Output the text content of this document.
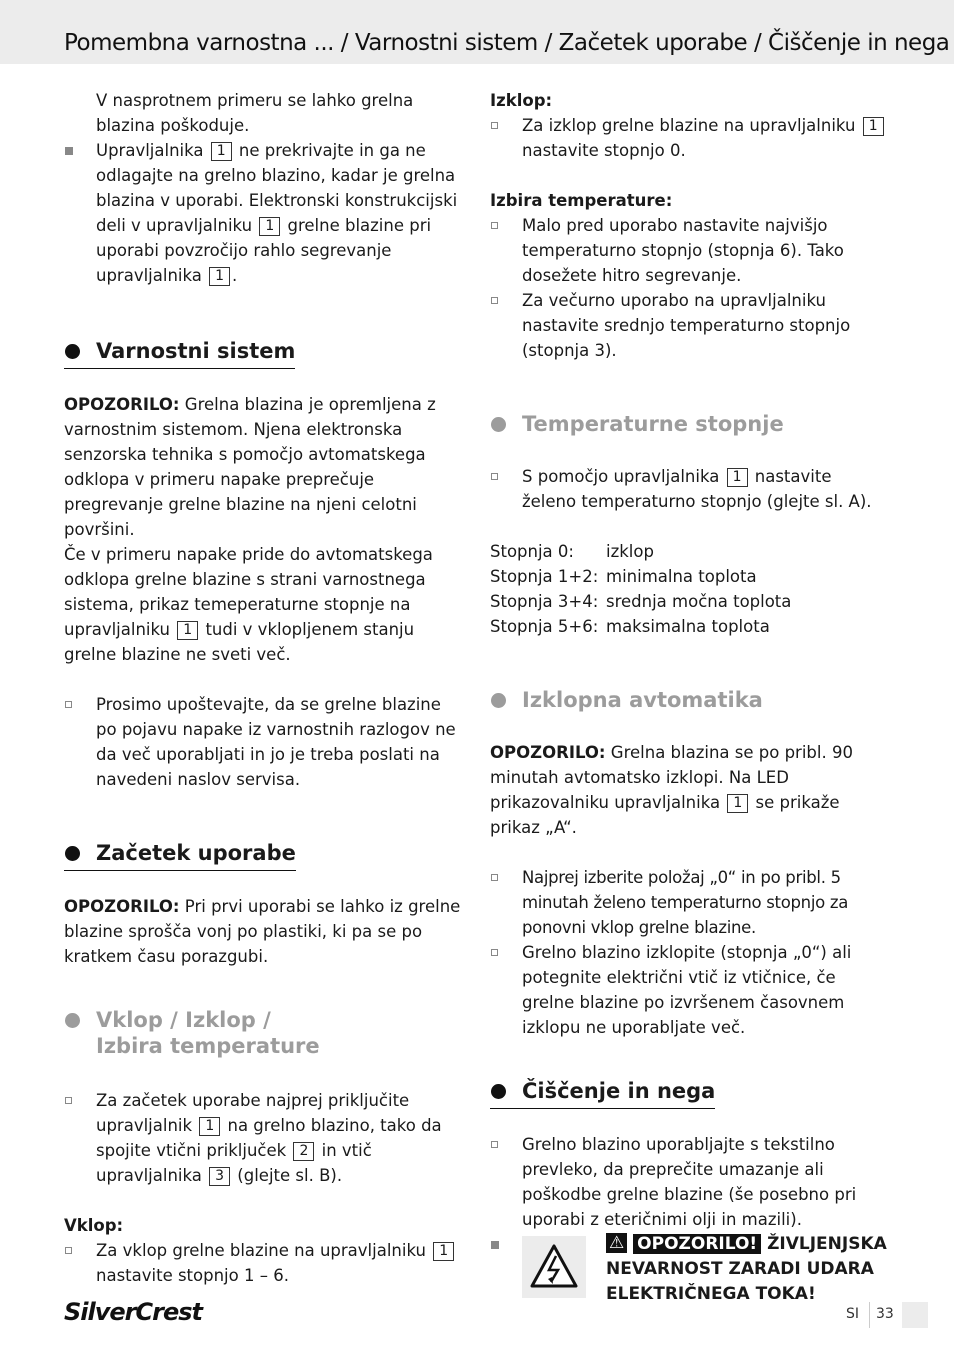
Pomembna varnostna ... / Varnostni sistem / Začetek uporabe / Čiščenje in nega

V nasprotnem primeru se lahko grelna blazina poškoduje.

Upravljalnika 1 ne prekrivajte in ga ne odlagajte na grelno blazino, kadar je grelna blazina v uporabi. Elektronski konstrukcijski deli v upravljalniku 1 grelne blazine pri uporabi povzročijo rahlo segrevanje upravljalnika 1 .

Varnostni sistem

OPOZORILO: Grelna blazina je opremljena z varnostnim sistemom. Njena elektronska senzorska tehnika s pomočjo avtomatskega odklopa v primeru napake preprečuje pregrevanje grelne blazine na njeni celotni površini.

Če v primeru napake pride do avtomatskega odklopa grelne blazine s strani varnostnega sistema, prikaz temeperaturne stopnje na upravljalniku 1 tudi v vklopljenem stanju grelne blazine ne sveti več.

Prosimo upoštevajte, da se grelne blazine po pojavu napake iz varnostnih razlogov ne da več uporabljati in jo je treba poslati na navedeni naslov servisa.

Začetek uporabe

OPOZORILO: Pri prvi uporabi se lahko iz grelne blazine sprošča vonj po plastiki, ki pa se po kratkem času porazgubi.

Vklop / Izklop /
Izbira temperature

Za začetek uporabe najprej priključite upravljalnik 1 na grelno blazino, tako da spojite vtični priključek 2 in vtič upravljalnika 3 (glejte sl. B).

Vklop:

Za vklop grelne blazine na upravljalniku 1 nastavite stopnjo 1 – 6.

Izklop:

Za izklop grelne blazine na upravljalniku 1 nastavite stopnjo 0.

Izbira temperature:

Malo pred uporabo nastavite najvišjo temperaturno stopnjo (stopnja 6). Tako dosežete hitro segrevanje.

Za večurno uporabo na upravljalniku nastavite srednjo temperaturno stopnjo (stopnja 3).

Temperaturne stopnje

S pomočjo upravljalnika 1 nastavite želeno temperaturno stopnjo (glejte sl. A).

Stopnja 0:	izklop
Stopnja 1+2: minimalna toplota
Stopnja 3+4: srednja močna toplota
Stopnja 5+6: maksimalna toplota
Izklopna avtomatika

OPOZORILO: Grelna blazina se po pribl. 90 minutah avtomatsko izklopi. Na LED prikazovalniku upravljalnika 1 se prikaže prikaz „A“.

Najprej izberite položaj „0“ in po pribl. 5 minutah želeno temperaturno stopnjo za ponovni vklop grelne blazine.

Grelno blazino izklopite (stopnja „0“) ali potegnite električni vtič iz vtičnice, če grelne blazine po izvršenem časovnem izklopu ne uporabljate več.

Čiščenje in nega

Grelno blazino uporabljajte s tekstilno prevleko, da preprečite umazanje ali poškodbe grelne blazine (še posebno pri uporabi z eteričnimi olji in mazili).

⚠ OPOZORILO! ŽIVLJENJSKA NEVARNOST ZARADI UDARA ELEKTRIČNEGA TOKA!
SilverCrest	SI 33
